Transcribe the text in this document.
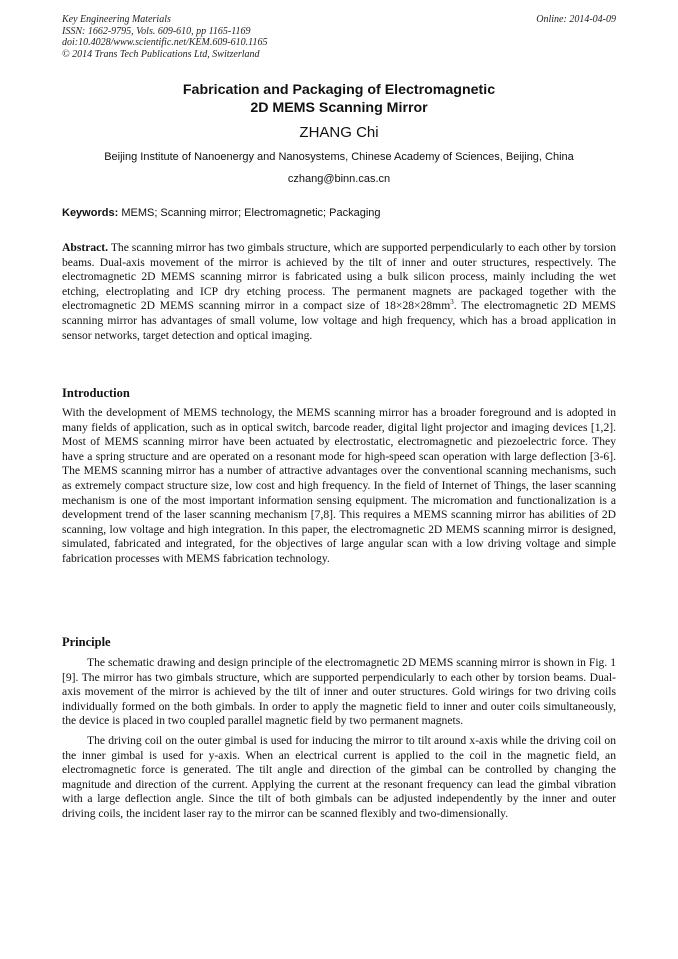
Key Engineering Materials
ISSN: 1662-9795, Vols. 609-610, pp 1165-1169
doi:10.4028/www.scientific.net/KEM.609-610.1165
© 2014 Trans Tech Publications Ltd, Switzerland
Online: 2014-04-09
Fabrication and Packaging of Electromagnetic
2D MEMS Scanning Mirror
ZHANG Chi
Beijing Institute of Nanoenergy and Nanosystems, Chinese Academy of Sciences, Beijing, China
czhang@binn.cas.cn
Keywords: MEMS; Scanning mirror; Electromagnetic; Packaging

Abstract. The scanning mirror has two gimbals structure, which are supported perpendicularly to each other by torsion beams. Dual-axis movement of the mirror is achieved by the tilt of inner and outer structures, respectively. The electromagnetic 2D MEMS scanning mirror is fabricated using a bulk silicon process, mainly including the wet etching, electroplating and ICP dry etching process. The permanent magnets are packaged together with the electromagnetic 2D MEMS scanning mirror in a compact size of $18\times 28\times 28mm^3$. The electromagnetic 2D MEMS scanning mirror has advantages of small volume, low voltage and high frequency, which has a broad application in sensor networks, target detection and optical imaging.

Introduction

With the development of MEMS technology, the MEMS scanning mirror has a broader foreground and is adopted in many fields of application, such as in optical switch, barcode reader, digital light projector and imaging devices [1,2]. Most of MEMS scanning mirror have been actuated by electrostatic, electromagnetic and piezoelectric force. They have a spring structure and are operated on a resonant mode for high-speed scan operation with large deflection [3-6]. The MEMS scanning mirror has a number of attractive advantages over the conventional scanning mechanisms, such as extremely compact structure size, low cost and high frequency. In the field of Internet of Things, the laser scanning mechanism is one of the most important information sensing equipment. The micromation and functionalization is a development trend of the laser scanning mechanism [7,8]. This requires a MEMS scanning mirror has abilities of 2D scanning, low voltage and high integration. In this paper, the electromagnetic 2D MEMS scanning mirror is designed, simulated, fabricated and integrated, for the objectives of large angular scan with a low driving voltage and simple fabrication processes with MEMS fabrication technology.

Principle

The schematic drawing and design principle of the electromagnetic 2D MEMS scanning mirror is shown in Fig. 1 [9]. The mirror has two gimbals structure, which are supported perpendicularly to each other by torsion beams. Dual-axis movement of the mirror is achieved by the tilt of inner and outer structures. Gold wirings for two driving coils individually formed on the both gimbals. In order to apply the magnetic field to inner and outer coils simultaneously, the device is placed in two coupled parallel magnetic field by two permanent magnets.

The driving coil on the outer gimbal is used for inducing the mirror to tilt around x-axis while the driving coil on the inner gimbal is used for y-axis. When an electrical current is applied to the coil in the magnetic field, an electromagnetic force is generated. The tilt angle and direction of the gimbal can be controlled by changing the magnitude and direction of the current. Applying the current at the resonant frequency can lead the gimbal vibration with a large deflection angle. Since the tilt of both gimbals can be adjusted independently by the inner and outer driving coils, the incident laser ray to the mirror can be scanned flexibly and two-dimensionally.
